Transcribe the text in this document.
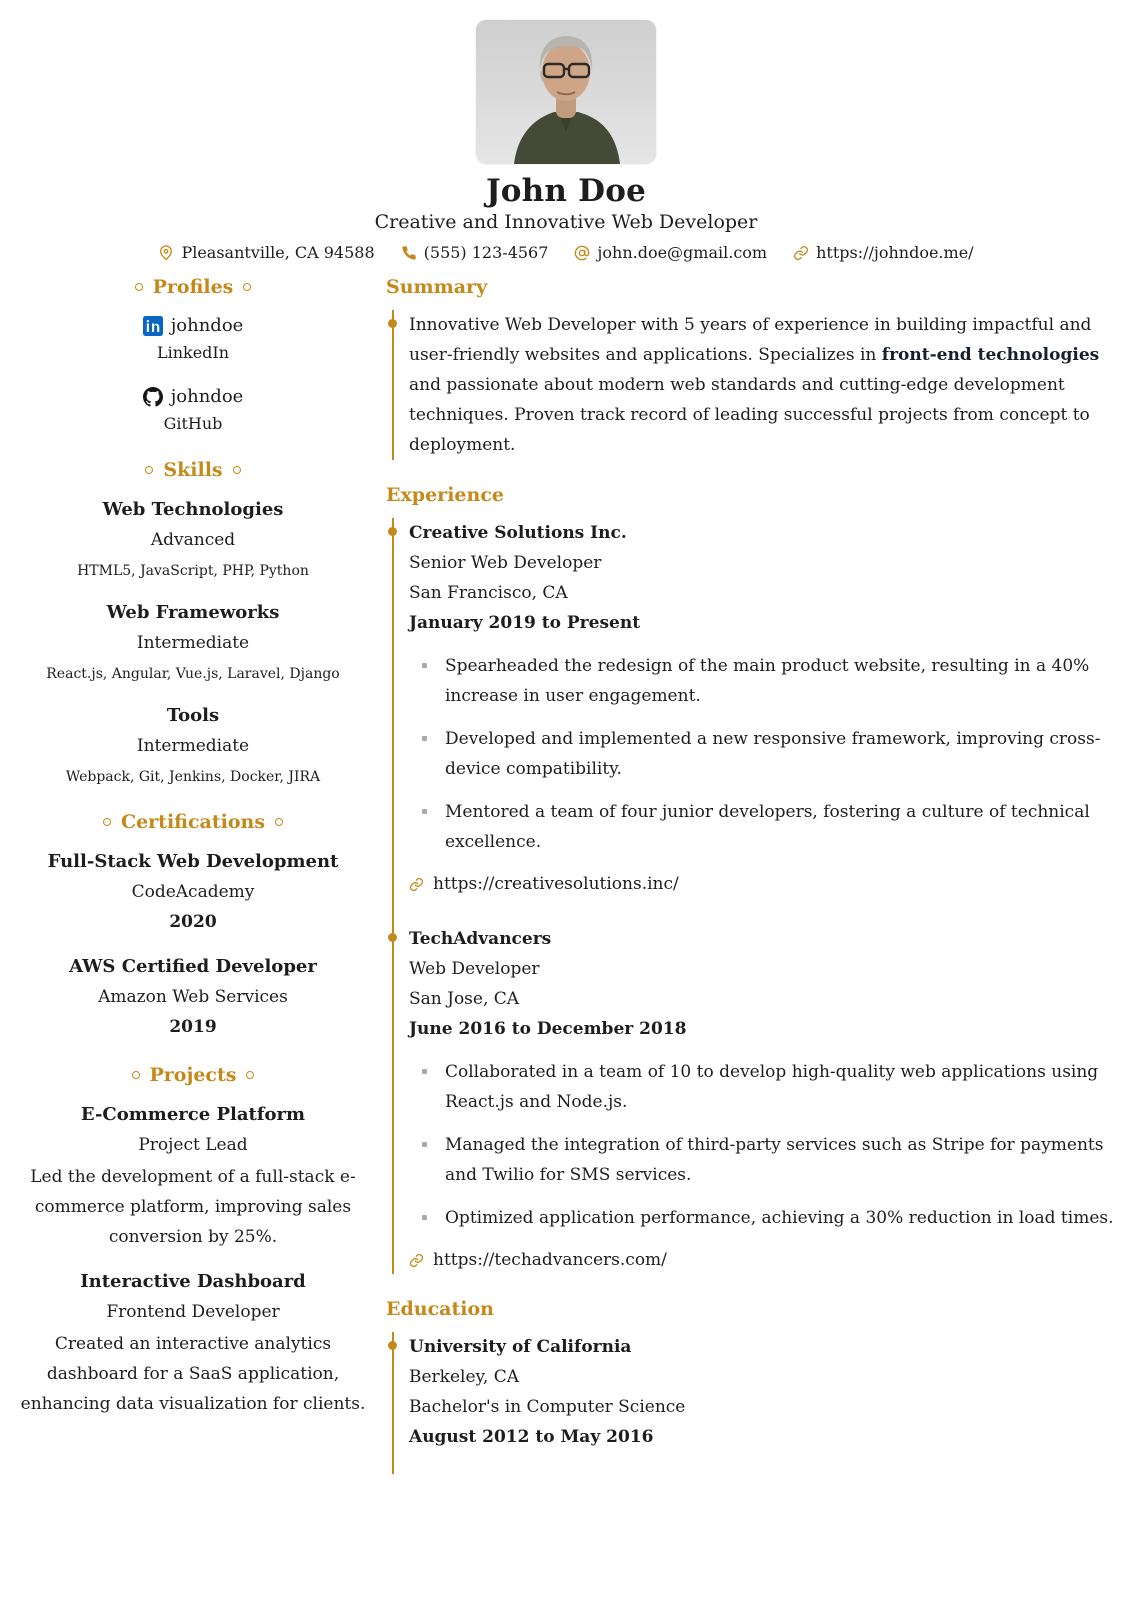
John Doe
Creative and Innovative Web Developer
Pleasantville, CA 94588	(555) 123-4567	john.doe@gmail.com	https://johndoe.me/
Profiles
johndoe
LinkedIn
johndoe
GitHub
Skills
Web Technologies
Advanced
HTML5, JavaScript, PHP, Python
Web Frameworks
Intermediate
React.js, Angular, Vue.js, Laravel, Django
Tools
Intermediate
Webpack, Git, Jenkins, Docker, JIRA
Certifications
Full-Stack Web Development
CodeAcademy
2020
AWS Certified Developer
Amazon Web Services
2019
Projects
E-Commerce Platform
Project Lead
Led the development of a full-stack e-commerce platform, improving sales conversion by 25%.
Interactive Dashboard
Frontend Developer
Created an interactive analytics dashboard for a SaaS application, enhancing data visualization for clients.
Summary

Innovative Web Developer with 5 years of experience in building impactful and user-friendly websites and applications. Specializes in front-end technologies and passionate about modern web standards and cutting-edge development techniques. Proven track record of leading successful projects from concept to deployment.

Experience
Creative Solutions Inc.
Senior Web Developer
San Francisco, CA
January 2019 to Present
Spearheaded the redesign of the main product website, resulting in a 40% increase in user engagement.
Developed and implemented a new responsive framework, improving cross-device compatibility.
Mentored a team of four junior developers, fostering a culture of technical excellence.
https://creativesolutions.inc/
TechAdvancers
Web Developer
San Jose, CA
June 2016 to December 2018
Collaborated in a team of 10 to develop high-quality web applications using React.js and Node.js.
Managed the integration of third-party services such as Stripe for payments and Twilio for SMS services.
Optimized application performance, achieving a 30% reduction in load times.
https://techadvancers.com/
Education
University of California
Berkeley, CA
Bachelor's in Computer Science
August 2012 to May 2016
